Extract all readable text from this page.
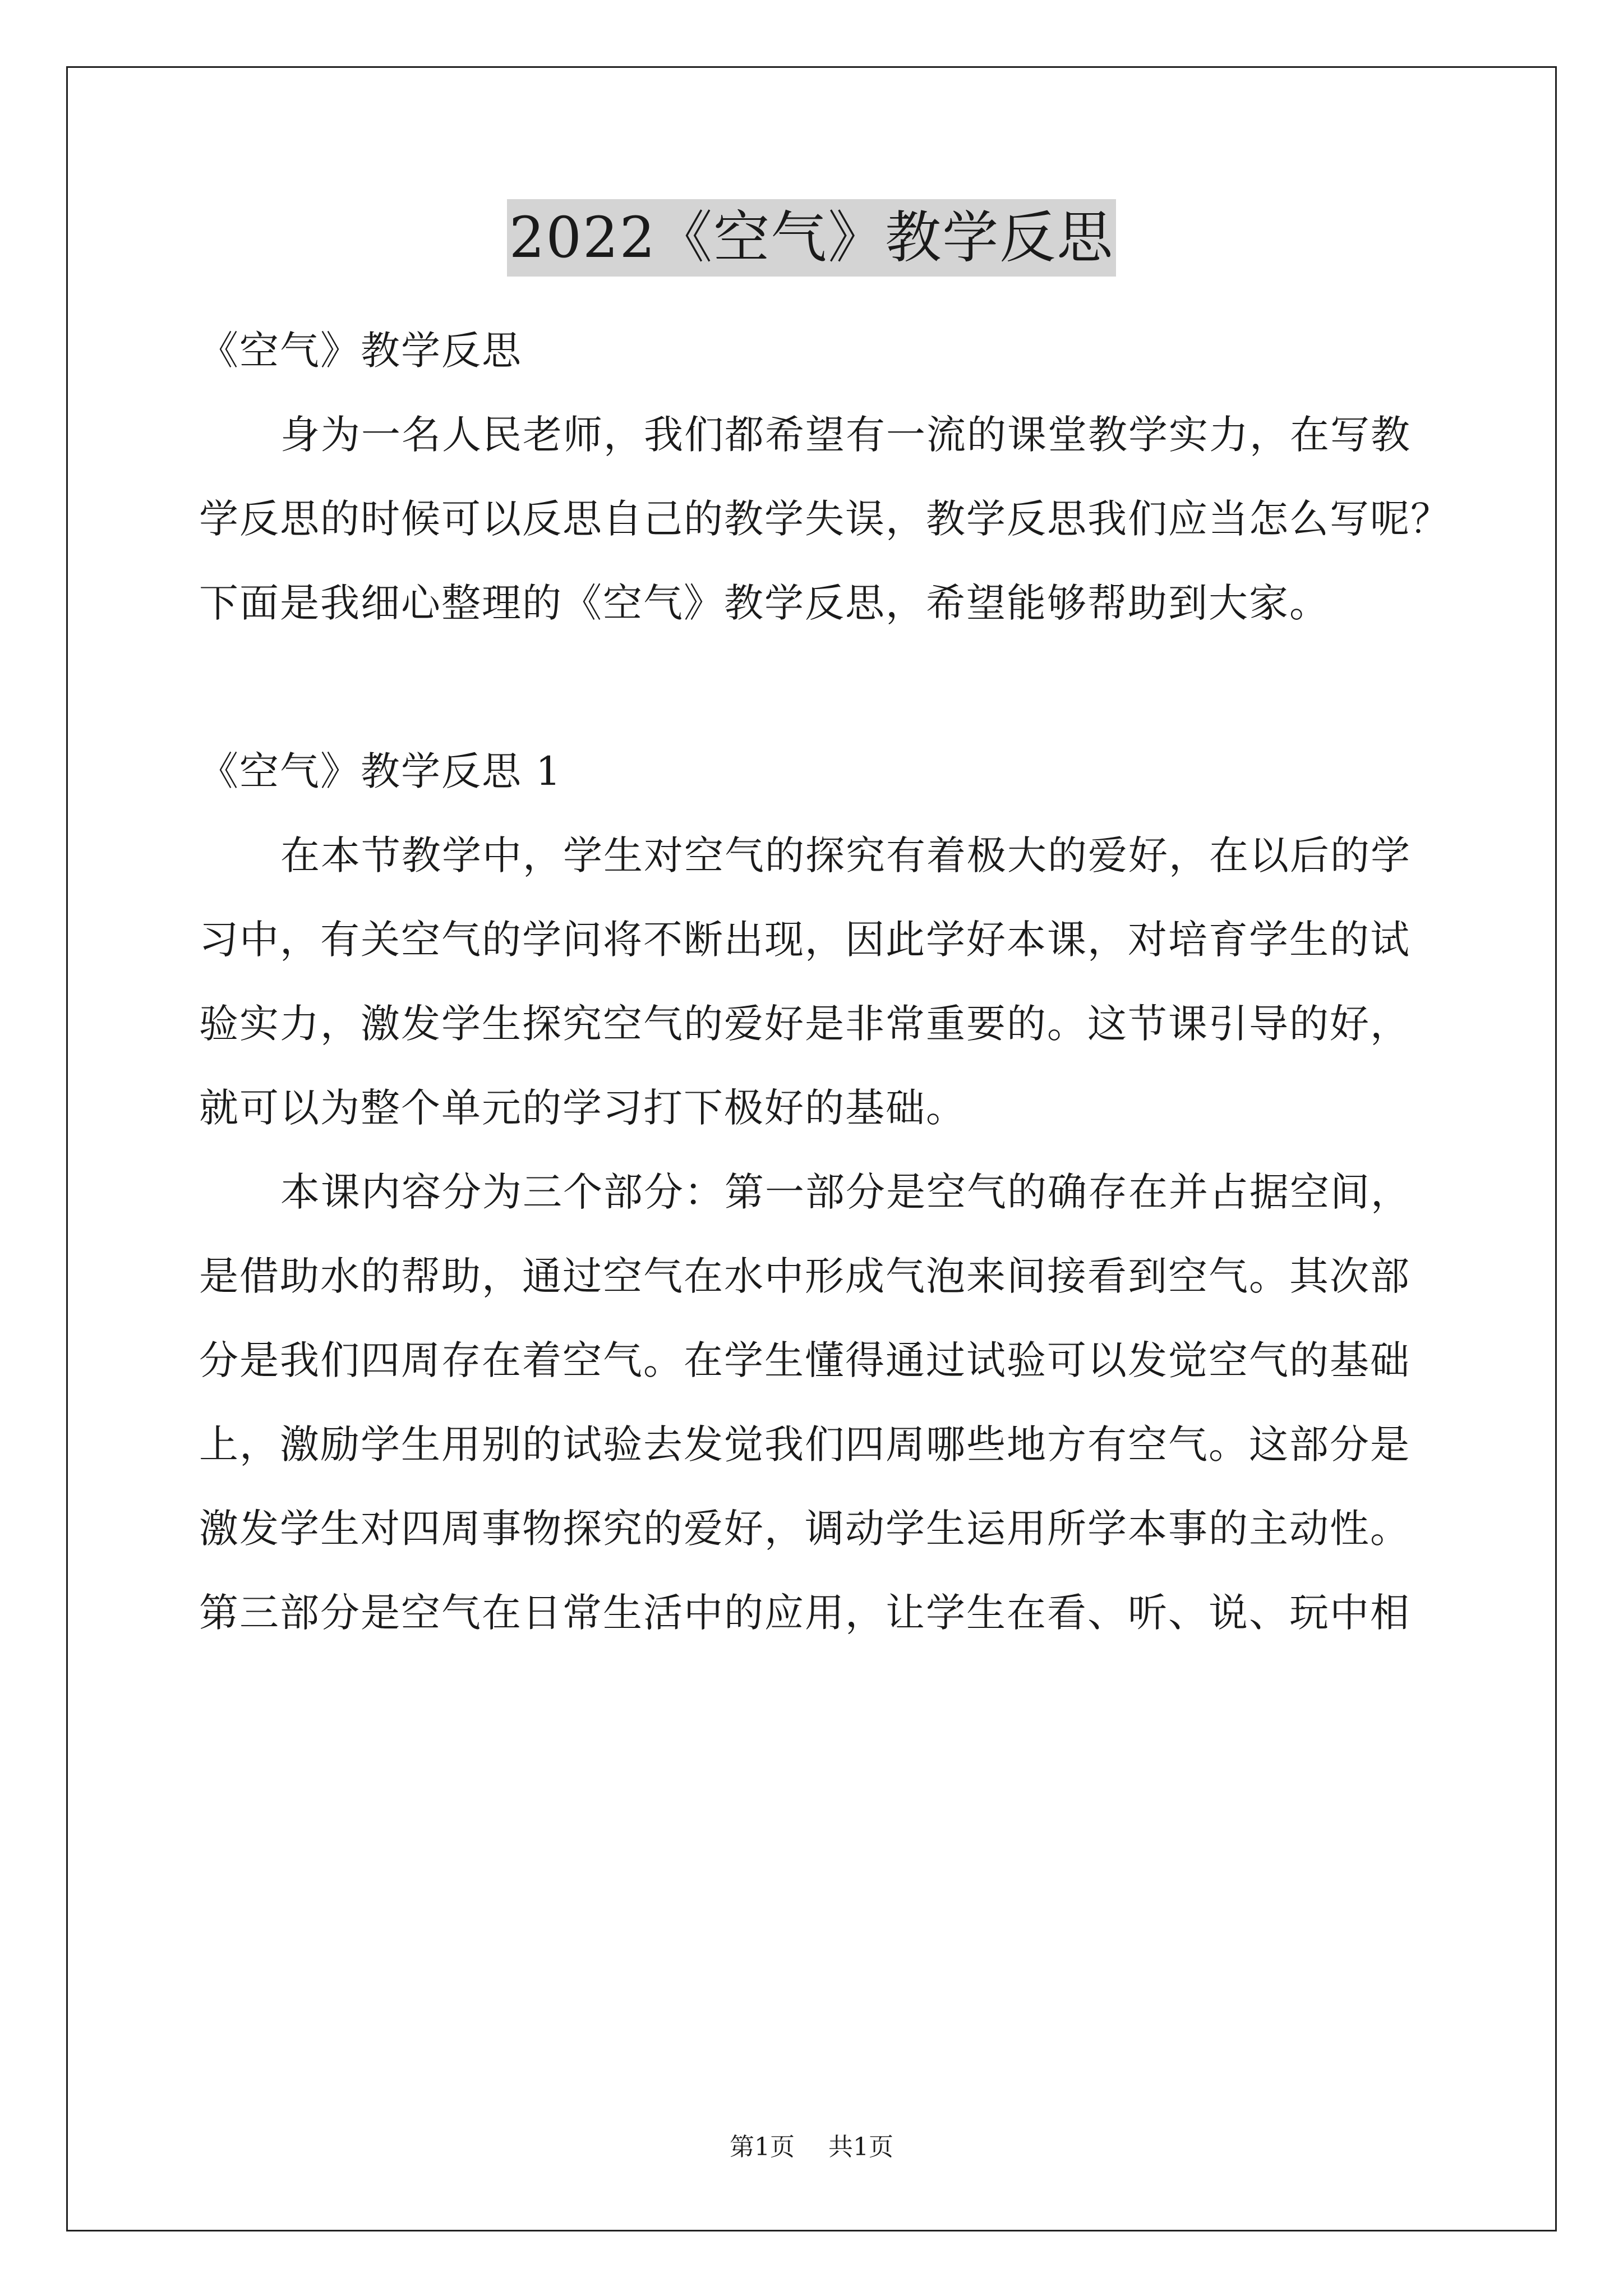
2022《空气》教学反思
《空气》教学反思
身为一名人民老师，我们都希望有一流的课堂教学实力，在写教
学反思的时候可以反思自己的教学失误，教学反思我们应当怎么写呢？
下面是我细心整理的《空气》教学反思，希望能够帮助到大家。
《空气》教学反思 1
在本节教学中，学生对空气的探究有着极大的爱好，在以后的学
习中，有关空气的学问将不断出现，因此学好本课，对培育学生的试
验实力，激发学生探究空气的爱好是非常重要的。这节课引导的好，
就可以为整个单元的学习打下极好的基础。
本课内容分为三个部分：第一部分是空气的确存在并占据空间，
是借助水的帮助，通过空气在水中形成气泡来间接看到空气。其次部
分是我们四周存在着空气。在学生懂得通过试验可以发觉空气的基础
上，激励学生用别的试验去发觉我们四周哪些地方有空气。这部分是
激发学生对四周事物探究的爱好，调动学生运用所学本事的主动性。
第三部分是空气在日常生活中的应用，让学生在看、听、说、玩中相
第1页 共1页
